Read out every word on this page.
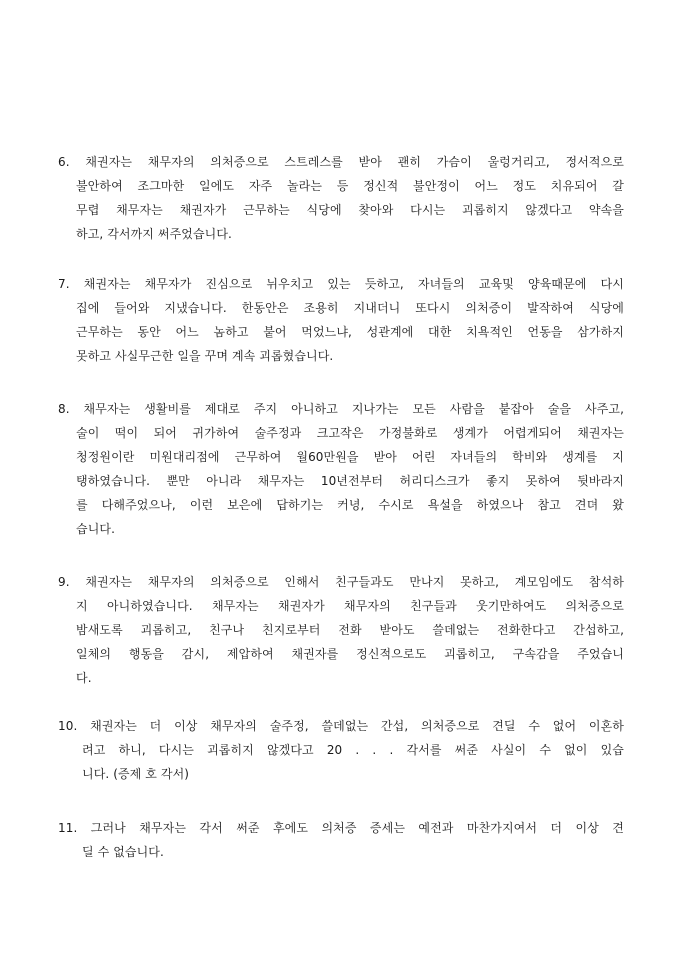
6. 채권자는 채무자의 의처증으로 스트레스를 받아 괜히 가슴이 울렁거리고, 정서적으로
불안하여 조그마한 일에도 자주 놀라는 등 정신적 불안정이 어느 정도 치유되어 갈
무렵 채무자는 채권자가 근무하는 식당에 찾아와 다시는 괴롭히지 않겠다고 약속을
하고, 각서까지 써주었습니다.
7. 채권자는 채무자가 진심으로 뉘우치고 있는 듯하고, 자녀들의 교육및 양육때문에 다시
집에 들어와 지냈습니다. 한동안은 조용히 지내더니 또다시 의처증이 발작하여 식당에
근무하는 동안 어느 놈하고 붙어 먹었느냐, 성관계에 대한 치욕적인 언동을 삼가하지
못하고 사실무근한 일을 꾸며 계속 괴롭혔습니다.
8. 채무자는 생활비를 제대로 주지 아니하고 지나가는 모든 사람을 붙잡아 술을 사주고,
술이 떡이 되어 귀가하여 술주정과 크고작은 가정불화로 생계가 어렵게되어 채권자는
청정원이란 미원대리점에 근무하여 월60만원을 받아 어린 자녀들의 학비와 생계를 지
탱하였습니다. 뿐만 아니라 채무자는 10년전부터 허리디스크가 좋지 못하여 뒷바라지
를 다해주었으나, 이런 보은에 답하기는 커녕, 수시로 욕설을 하였으나 참고 견뎌 왔
습니다.
9. 채권자는 채무자의 의처증으로 인해서 친구들과도 만나지 못하고, 계모임에도 참석하
지 아니하였습니다. 채무자는 채권자가 채무자의 친구들과 웃기만하여도 의처증으로
밤새도록 괴롭히고, 친구나 친지로부터 전화 받아도 쓸데없는 전화한다고 간섭하고,
일체의 행동을 감시, 제압하여 채권자를 정신적으로도 괴롭히고, 구속감을 주었습니
다.
10. 채권자는 더 이상 채무자의 술주정, 쓸데없는 간섭, 의처증으로 견딜 수 없어 이혼하
려고 하니, 다시는 괴롭히지 않겠다고 20 . . . 각서를 써준 사실이 수 없이 있습
니다. (증제 호 각서)
11. 그러나 채무자는 각서 써준 후에도 의처증 증세는 예전과 마찬가지여서 더 이상 견
딜 수 없습니다.
